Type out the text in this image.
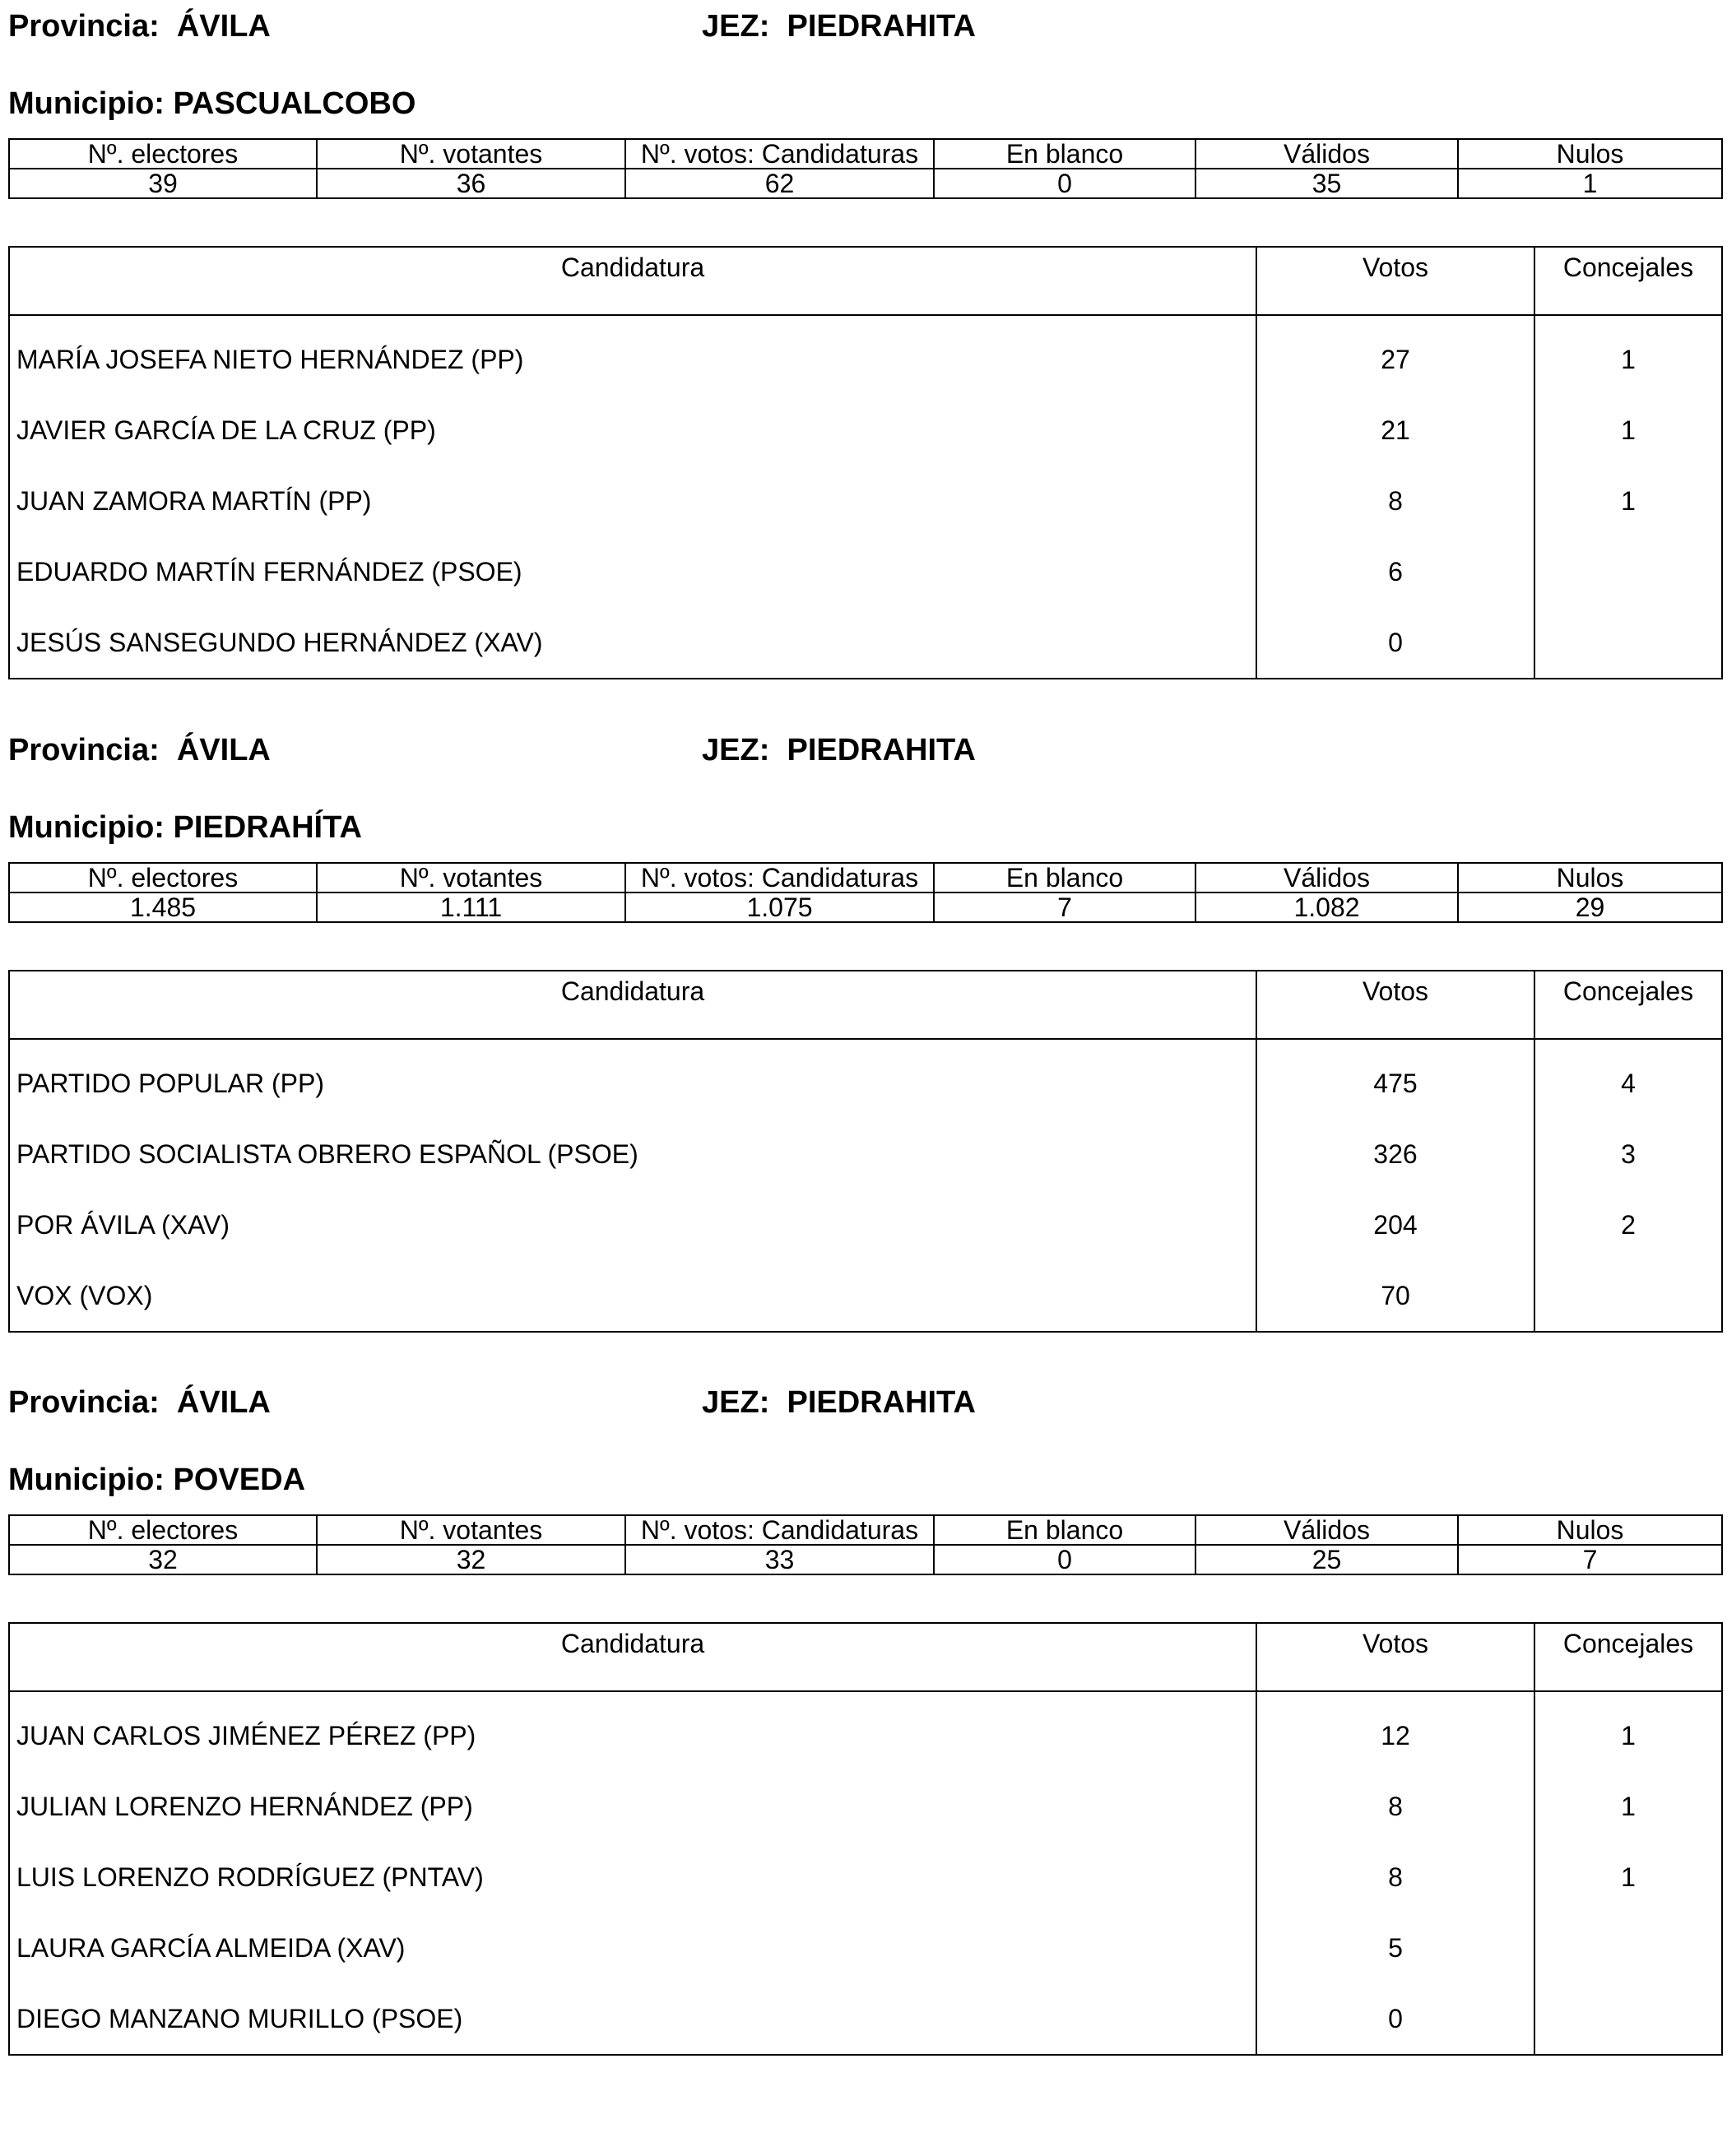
Provincia: ÁVILA	JEZ: PIEDRAHITA
Municipio: PASCUALCOBO
Nº. electores	Nº. votantes	Nº. votos: Candidaturas	En blanco	Válidos	Nulos
39	36	62	0	35	1
Candidatura	Votos	Concejales
MARÍA JOSEFA NIETO HERNÁNDEZ (PP)	27	1
JAVIER GARCÍA DE LA CRUZ (PP)	21	1
JUAN ZAMORA MARTÍN (PP)	8	1
EDUARDO MARTÍN FERNÁNDEZ (PSOE)	6	
JESÚS SANSEGUNDO HERNÁNDEZ (XAV)	0	
Provincia: ÁVILA	JEZ: PIEDRAHITA
Municipio: PIEDRAHÍTA
Nº. electores	Nº. votantes	Nº. votos: Candidaturas	En blanco	Válidos	Nulos
1.485	1.111	1.075	7	1.082	29
Candidatura	Votos	Concejales
PARTIDO POPULAR (PP)	475	4
PARTIDO SOCIALISTA OBRERO ESPAÑOL (PSOE)	326	3
POR ÁVILA (XAV)	204	2
VOX (VOX)	70	
Provincia: ÁVILA	JEZ: PIEDRAHITA
Municipio: POVEDA
Nº. electores	Nº. votantes	Nº. votos: Candidaturas	En blanco	Válidos	Nulos
32	32	33	0	25	7
Candidatura	Votos	Concejales
JUAN CARLOS JIMÉNEZ PÉREZ (PP)	12	1
JULIAN LORENZO HERNÁNDEZ (PP)	8	1
LUIS LORENZO RODRÍGUEZ (PNTAV)	8	1
LAURA GARCÍA ALMEIDA (XAV)	5	
DIEGO MANZANO MURILLO (PSOE)	0	
